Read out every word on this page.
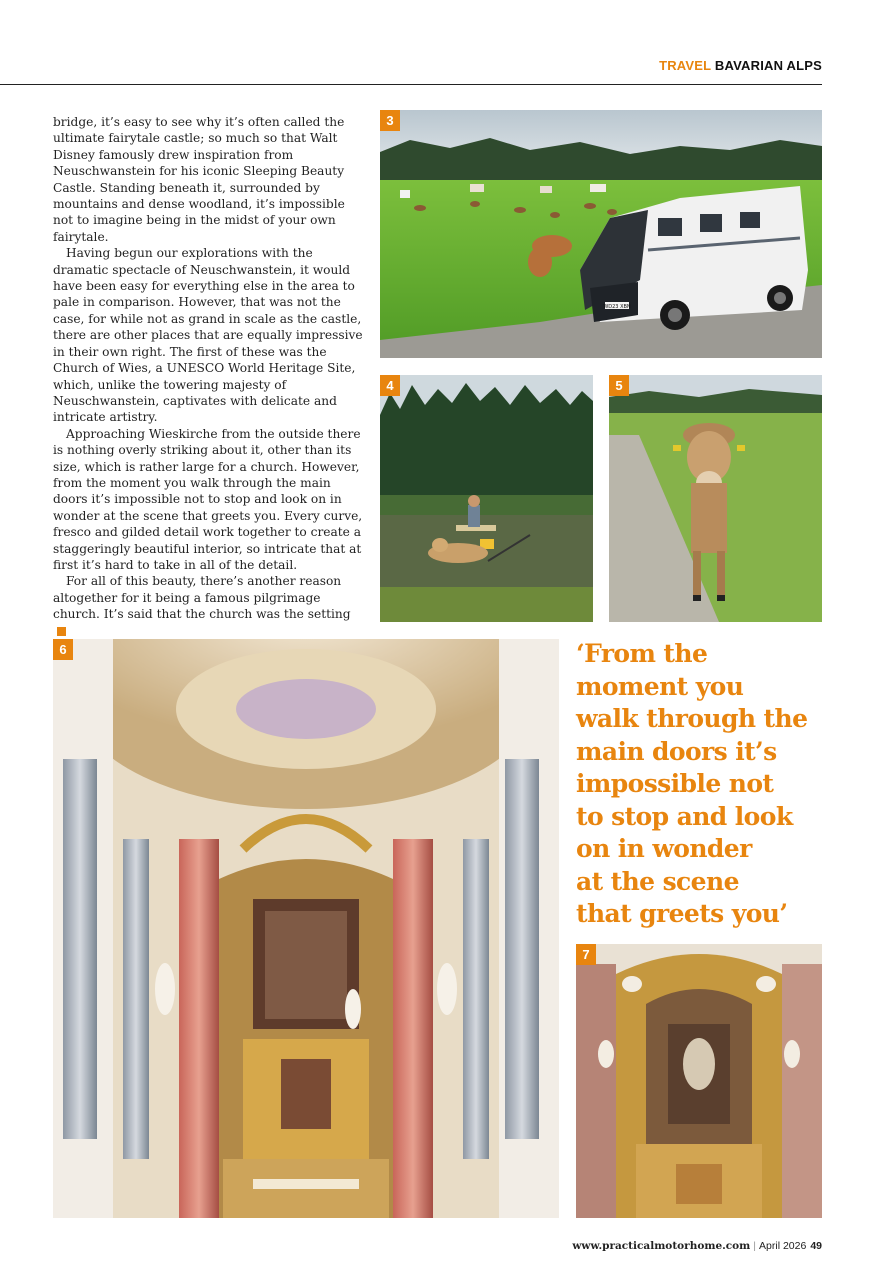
TRAVEL BAVARIAN ALPS

bridge, it’s easy to see why it’s often called the ultimate fairytale castle; so much so that Walt Disney famously drew inspiration from Neuschwanstein for his iconic Sleeping Beauty Castle. Standing beneath it, surrounded by mountains and dense woodland, it’s impossible not to imagine being in the midst of your own fairytale.

Having begun our explorations with the dramatic spectacle of Neuschwanstein, it would have been easy for everything else in the area to pale in comparison. However, that was not the case, for while not as grand in scale as the castle, there are other places that are equally impressive in their own right. The first of these was the Church of Wies, a UNESCO World Heritage Site, which, unlike the towering majesty of Neuschwanstein, captivates with delicate and intricate artistry.

Approaching Wieskirche from the outside there is nothing overly striking about it, other than its size, which is rather large for a church. However, from the moment you walk through the main doors it’s impossible not to stop and look on in wonder at the scene that greets you. Every curve, fresco and gilded detail work together to create a staggeringly beautiful interior, so intricate that at first it’s hard to take in all of the detail.

For all of this beauty, there’s another reason altogether for it being a famous pilgrimage church. It’s said that the church was the setting▸

3
WD23 XBN
4	5
6	‘From the
moment you
walk through the
main doors it’s
impossible not
to stop and look
on in wonder
at the scene
that greets you’
7
www.practicalmotorhome.com | April 2026 49
